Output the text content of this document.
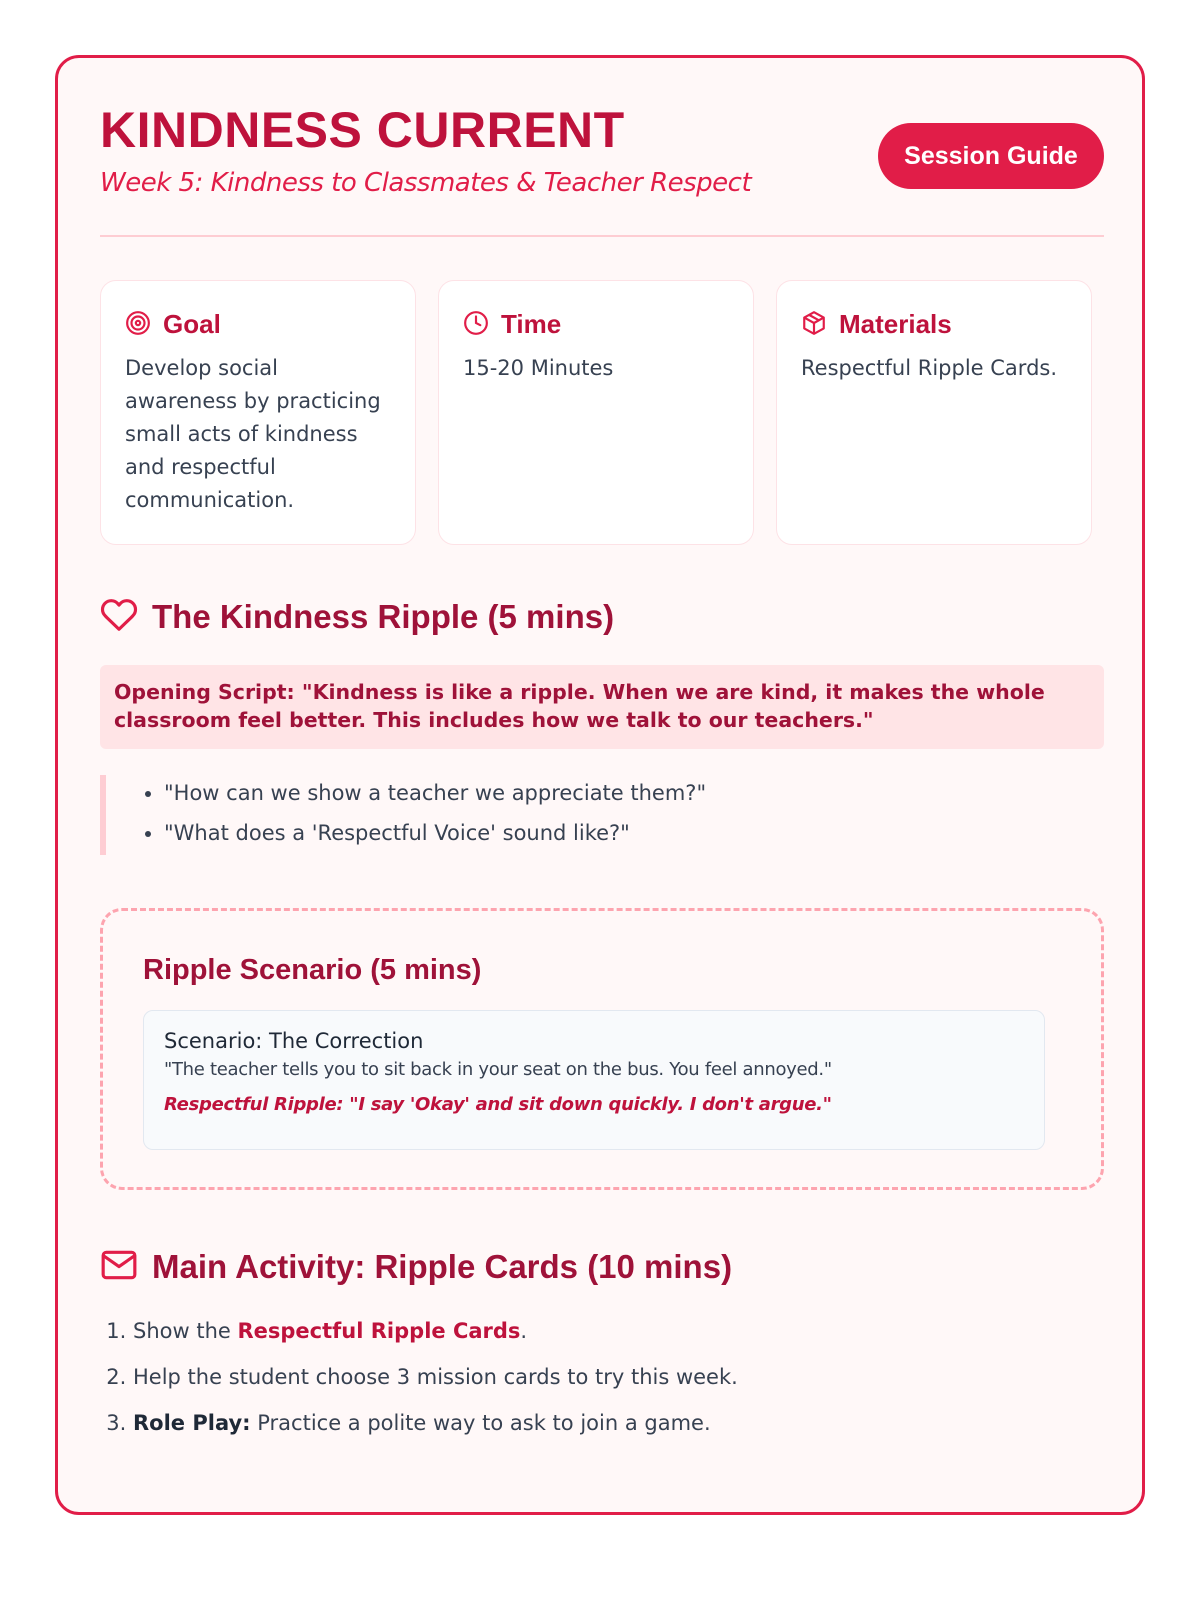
KINDNESS CURRENT
Week 5: Kindness to Classmates & Teacher Respect
Session Guide
Goal
Develop social awareness by practicing small acts of kindness and respectful communication.
Time
15-20 Minutes
Materials
Respectful Ripple Cards.
The Kindness Ripple (5 mins)
Opening Script: "Kindness is like a ripple. When we are kind, it makes the whole classroom feel better. This includes how we talk to our teachers."
• "How can we show a teacher we appreciate them?"
• "What does a 'Respectful Voice' sound like?"
Ripple Scenario (5 mins)
Scenario: The Correction
"The teacher tells you to sit back in your seat on the bus. You feel annoyed."
Respectful Ripple: "I say 'Okay' and sit down quickly. I don't argue."
Main Activity: Ripple Cards (10 mins)
1. Show the Respectful Ripple Cards.
2. Help the student choose 3 mission cards to try this week.
3. Role Play: Practice a polite way to ask to join a game.
